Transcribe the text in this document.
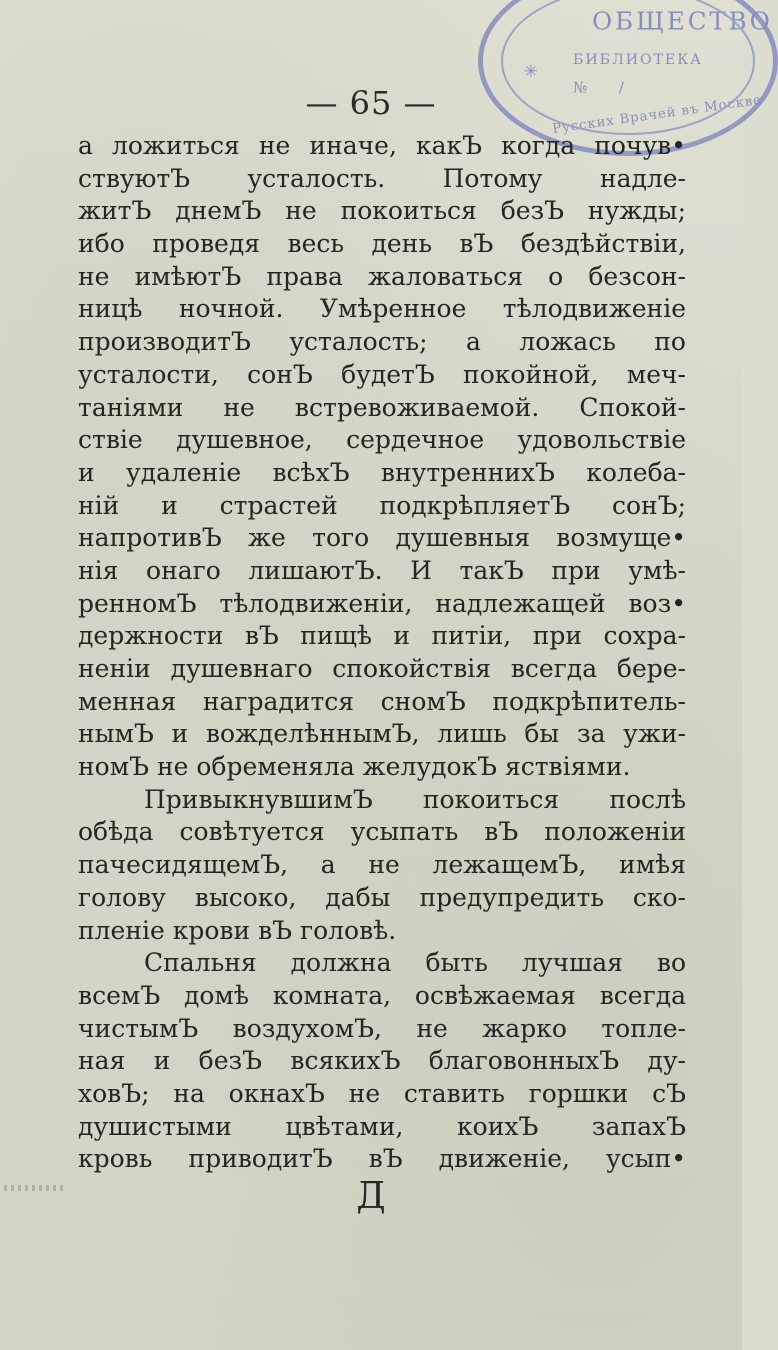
ОБЩЕСТВО
БИБЛИОТЕКА
№ /
Русских Врачей въ Москве
✳
— 65 —
а ложиться не иначе, какЪ когда почув•
ствуютЪ усталость. Потому надле-
житЪ днемЪ не покоиться безЪ нужды;
ибо проведя весь день вЪ бездѣйствіи,
не имѣютЪ права жаловаться о безсон-
ницѣ ночной. Умѣренное тѣлодвиженіе
производитЪ усталость; а ложась по
усталости, сонЪ будетЪ покойной, меч-
таніями не встревоживаемой. Спокой-
ствіе душевное, сердечное удовольствіе
и удаленіе всѣхЪ внутреннихЪ колеба-
ній и страстей подкрѣпляетЪ сонЪ;
напротивЪ же того душевныя возмуще•
нія онаго лишаютЪ. И такЪ при умѣ-
ренномЪ тѣлодвиженіи, надлежащей воз•
держности вЪ пищѣ и питіи, при сохра-
неніи душевнаго спокойствія всегда бере-
менная наградится сномЪ подкрѣпитель-
нымЪ и вожделѣннымЪ, лишь бы за ужи-
номЪ не обременяла желудокЪ яствіями.
ПривыкнувшимЪ покоиться послѣ
обѣда совѣтуется усыпать вЪ положеніи
пачесидящемЪ, а не лежащемЪ, имѣя
голову высоко, дабы предупредить ско-
пленіе крови вЪ головѣ.
Спальня должна быть лучшая во
всемЪ домѣ комната, освѣжаемая всегда
чистымЪ воздухомЪ, не жарко топле-
ная и безЪ всякихЪ благовонныхЪ ду-
ховЪ; на окнахЪ не ставить горшки сЪ
душистыми цвѣтами, коихЪ запахЪ
кровь приводитЪ вЪ движеніе, усып•
Д
